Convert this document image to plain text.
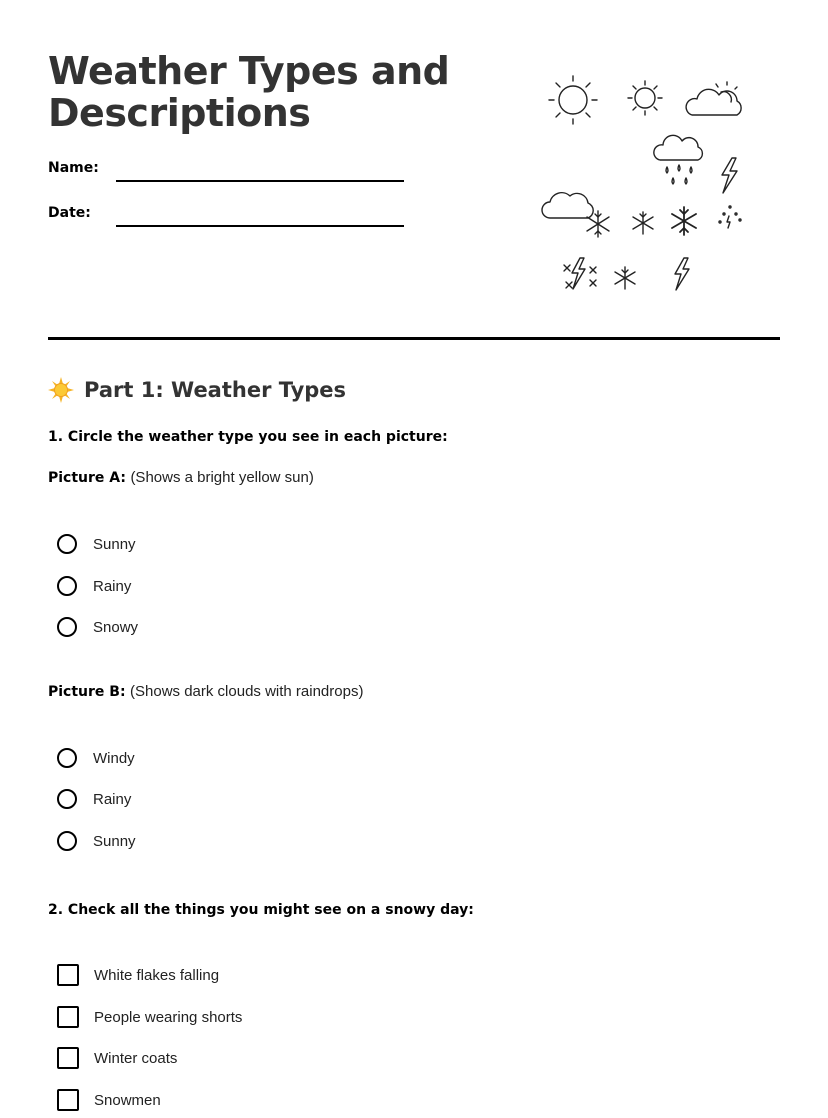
Weather Types and
Descriptions
Name:
Date:
Part 1: Weather Types

1. Circle the weather type you see in each picture:

Picture A: (Shows a bright yellow sun)

Sunny
Rainy
Snowy

Picture B: (Shows dark clouds with raindrops)

Windy
Rainy
Sunny

2. Check all the things you might see on a snowy day:

White flakes falling
People wearing shorts
Winter coats
Snowmen
